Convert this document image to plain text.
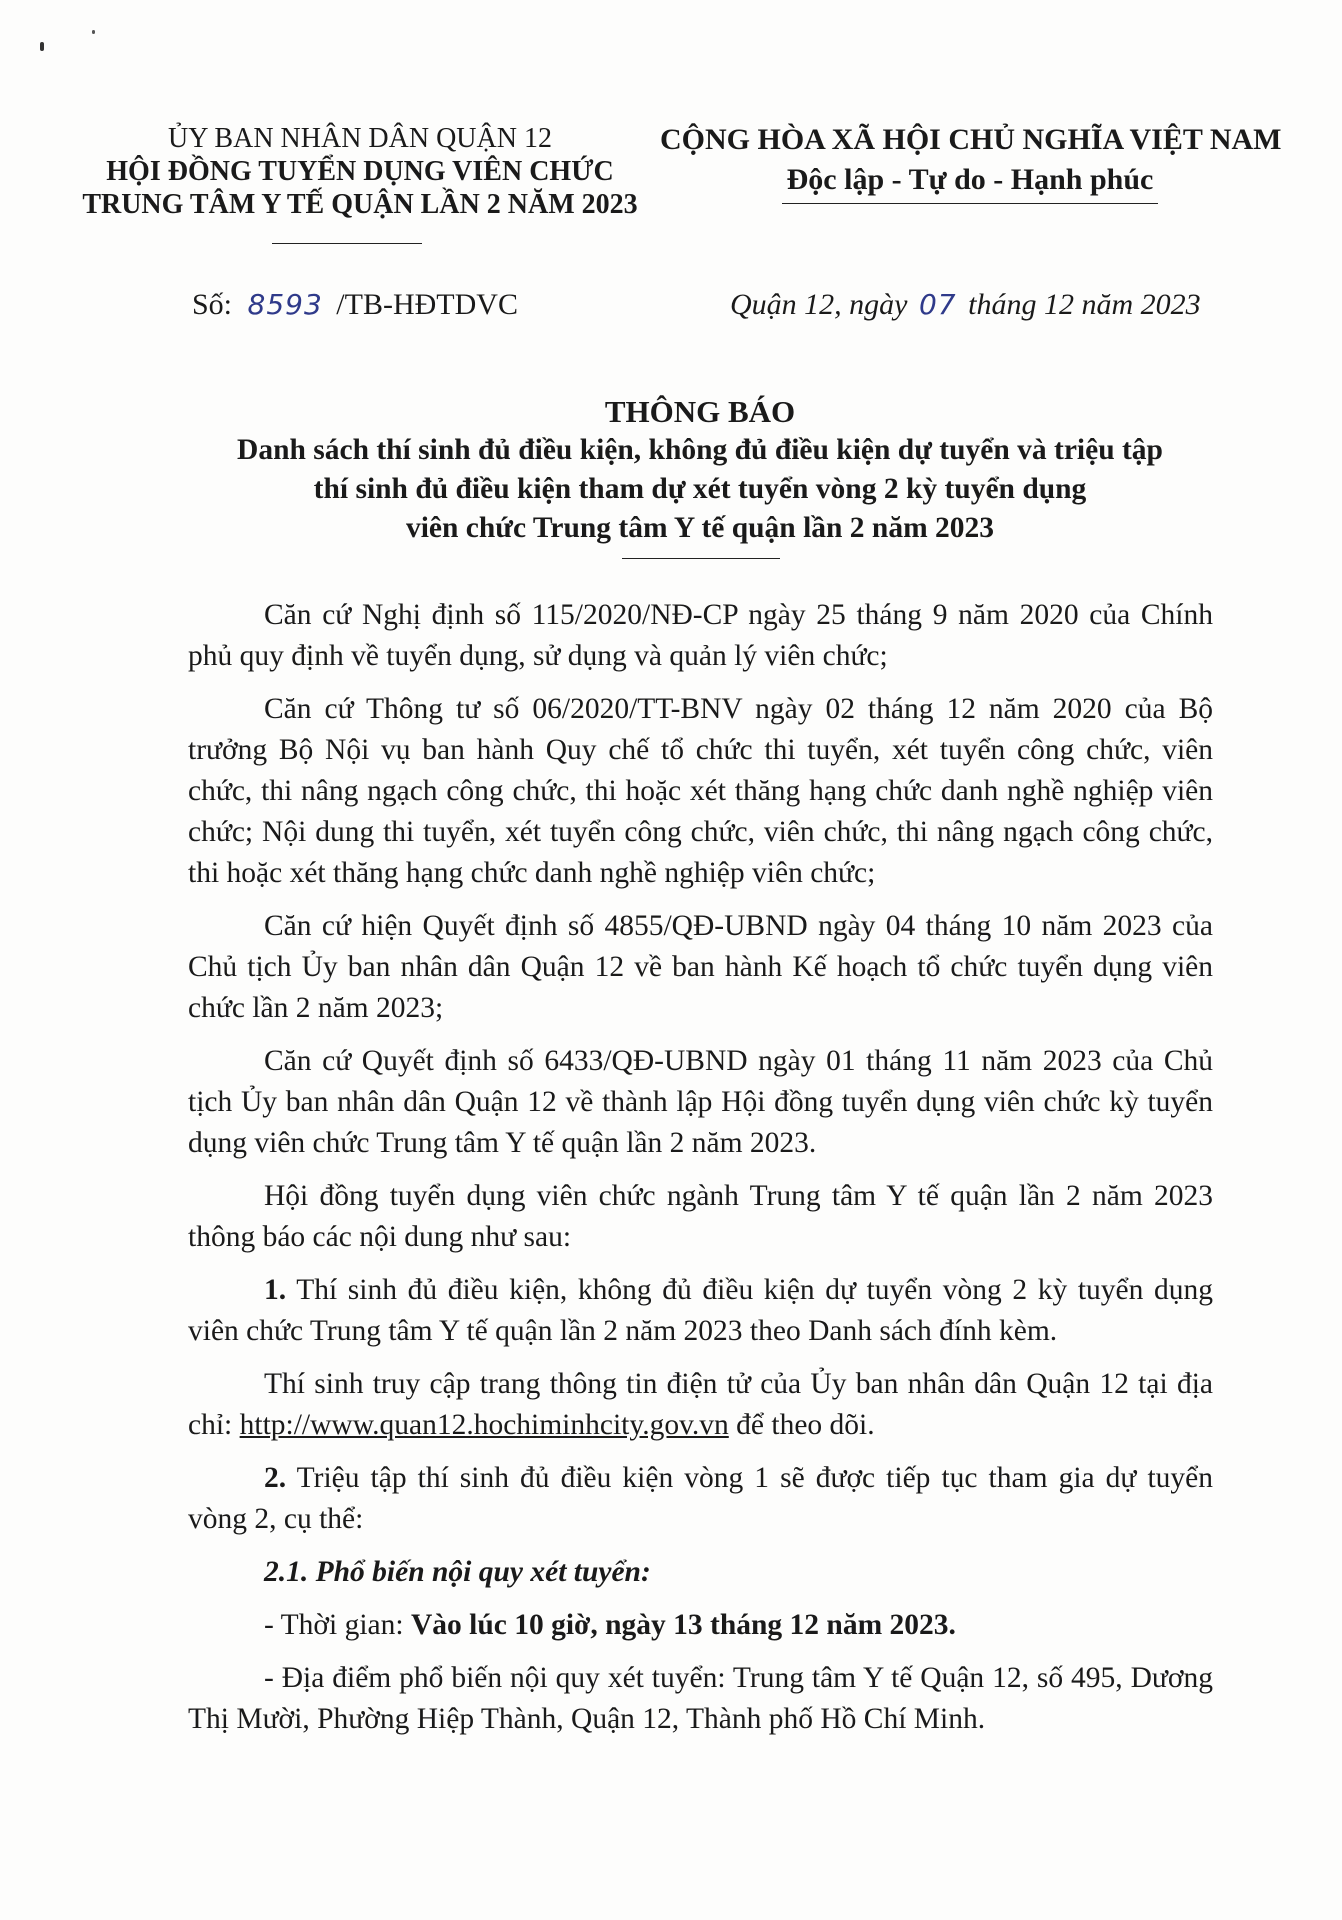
ỦY BAN NHÂN DÂN QUẬN 12
HỘI ĐỒNG TUYỂN DỤNG VIÊN CHỨC
TRUNG TÂM Y TẾ QUẬN LẦN 2 NĂM 2023
CỘNG HÒA XÃ HỘI CHỦ NGHĨA VIỆT NAM
Độc lập - Tự do - Hạnh phúc
Số: 8593 /TB-HĐTDVC	Quận 12, ngày 07 tháng 12 năm 2023
THÔNG BÁO
Danh sách thí sinh đủ điều kiện, không đủ điều kiện dự tuyển và triệu tập
thí sinh đủ điều kiện tham dự xét tuyển vòng 2 kỳ tuyển dụng
viên chức Trung tâm Y tế quận lần 2 năm 2023

Căn cứ Nghị định số 115/2020/NĐ-CP ngày 25 tháng 9 năm 2020 của Chính phủ quy định về tuyển dụng, sử dụng và quản lý viên chức;

Căn cứ Thông tư số 06/2020/TT-BNV ngày 02 tháng 12 năm 2020 của Bộ trưởng Bộ Nội vụ ban hành Quy chế tổ chức thi tuyển, xét tuyển công chức, viên chức, thi nâng ngạch công chức, thi hoặc xét thăng hạng chức danh nghề nghiệp viên chức; Nội dung thi tuyển, xét tuyển công chức, viên chức, thi nâng ngạch công chức, thi hoặc xét thăng hạng chức danh nghề nghiệp viên chức;

Căn cứ hiện Quyết định số 4855/QĐ-UBND ngày 04 tháng 10 năm 2023 của Chủ tịch Ủy ban nhân dân Quận 12 về ban hành Kế hoạch tổ chức tuyển dụng viên chức lần 2 năm 2023;

Căn cứ Quyết định số 6433/QĐ-UBND ngày 01 tháng 11 năm 2023 của Chủ tịch Ủy ban nhân dân Quận 12 về thành lập Hội đồng tuyển dụng viên chức kỳ tuyển dụng viên chức Trung tâm Y tế quận lần 2 năm 2023.

Hội đồng tuyển dụng viên chức ngành Trung tâm Y tế quận lần 2 năm 2023 thông báo các nội dung như sau:

1. Thí sinh đủ điều kiện, không đủ điều kiện dự tuyển vòng 2 kỳ tuyển dụng viên chức Trung tâm Y tế quận lần 2 năm 2023 theo Danh sách đính kèm.

Thí sinh truy cập trang thông tin điện tử của Ủy ban nhân dân Quận 12 tại địa chỉ: http://www.quan12.hochiminhcity.gov.vn để theo dõi.

2. Triệu tập thí sinh đủ điều kiện vòng 1 sẽ được tiếp tục tham gia dự tuyển vòng 2, cụ thể:

2.1. Phổ biến nội quy xét tuyển:

- Thời gian: Vào lúc 10 giờ, ngày 13 tháng 12 năm 2023.

- Địa điểm phổ biến nội quy xét tuyển: Trung tâm Y tế Quận 12, số 495, Dương Thị Mười, Phường Hiệp Thành, Quận 12, Thành phố Hồ Chí Minh.
